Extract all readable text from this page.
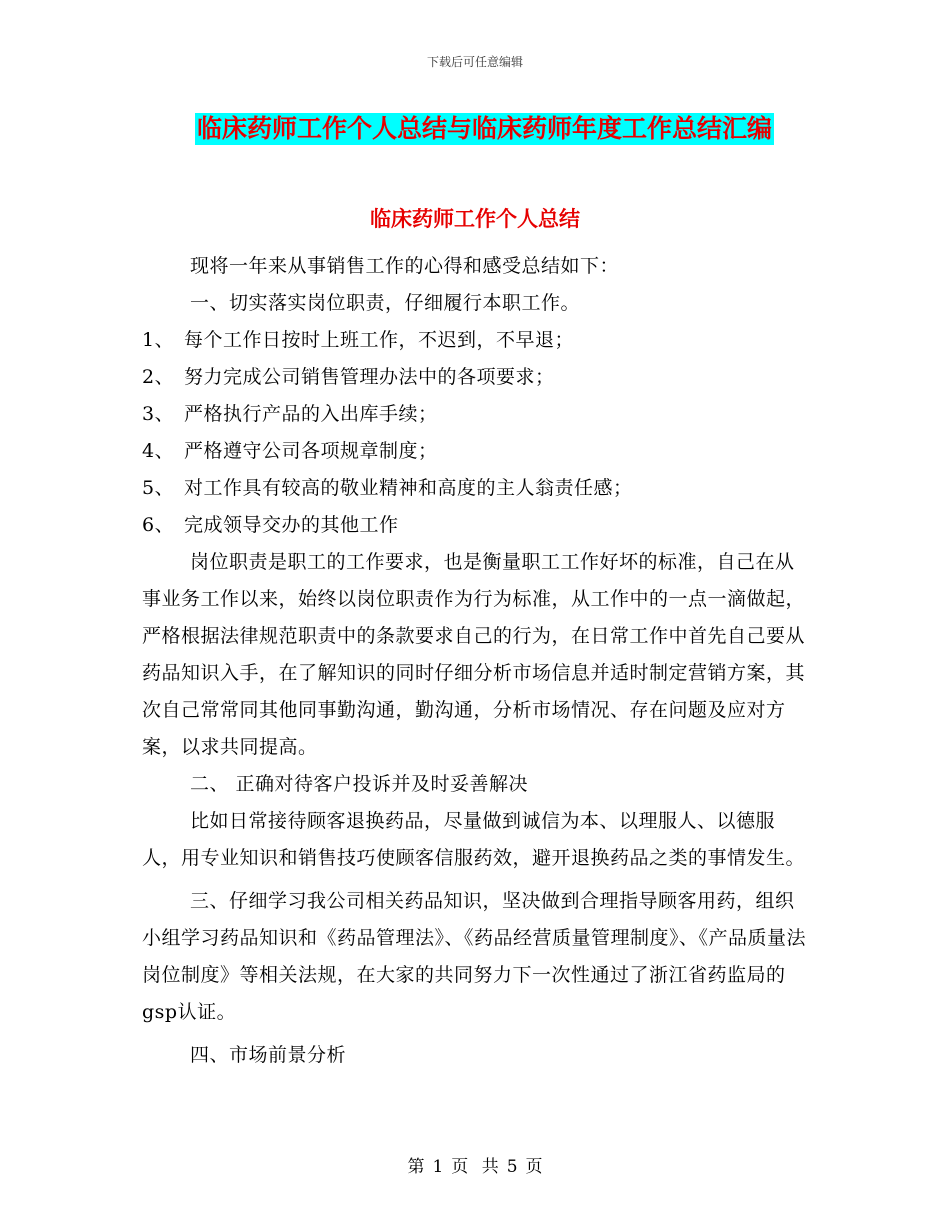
下载后可任意编辑
临床药师工作个人总结与临床药师年度工作总结汇编
临床药师工作个人总结

现将一年来从事销售工作的心得和感受总结如下：

一、切实落实岗位职责，仔细履行本职工作。

1、 每个工作日按时上班工作，不迟到，不早退；

2、 努力完成公司销售管理办法中的各项要求；

3、 严格执行产品的入出库手续；

4、 严格遵守公司各项规章制度；

5、 对工作具有较高的敬业精神和高度的主人翁责任感；

6、 完成领导交办的其他工作

岗位职责是职工的工作要求，也是衡量职工工作好坏的标准，自己在从事业务工作以来，始终以岗位职责作为行为标准，从工作中的一点一滴做起，严格根据法律规范职责中的条款要求自己的行为，在日常工作中首先自己要从药品知识入手，在了解知识的同时仔细分析市场信息并适时制定营销方案，其次自己常常同其他同事勤沟通，勤沟通，分析市场情况、存在问题及应对方案，以求共同提高。

二、 正确对待客户投诉并及时妥善解决

比如日常接待顾客退换药品，尽量做到诚信为本、以理服人、以德服人，用专业知识和销售技巧使顾客信服药效，避开退换药品之类的事情发生。

三、仔细学习我公司相关药品知识，坚决做到合理指导顾客用药，组织小组学习药品知识和《药品管理法》、《药品经营质量管理制度》、《产品质量法岗位制度》等相关法规，在大家的共同努力下一次性通过了浙江省药监局的gsp认证。

四、市场前景分析

第 1 页 共 5 页
